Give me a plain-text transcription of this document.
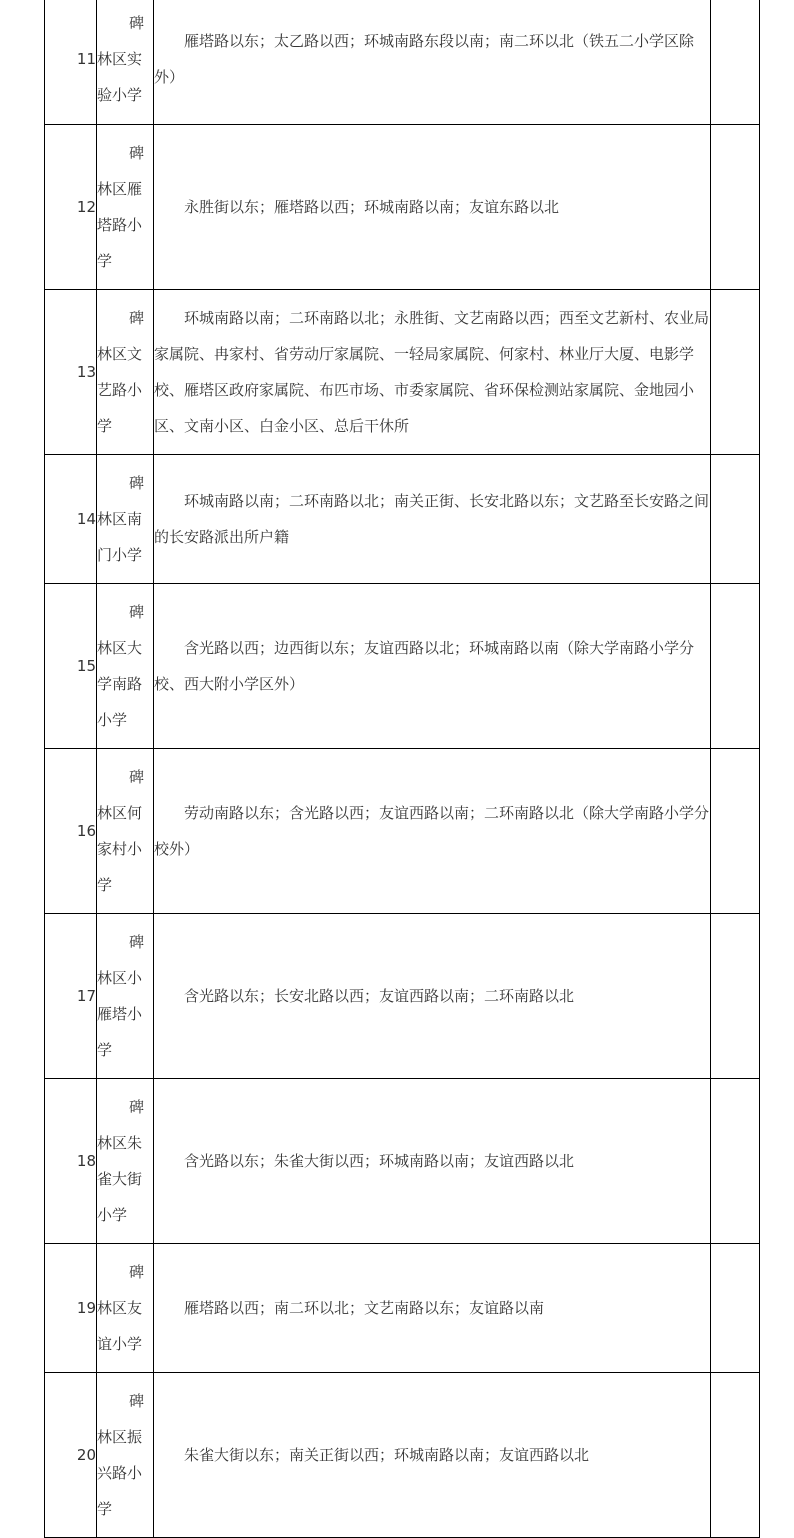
11	碑林区实验小学	雁塔路以东；太乙路以西；环城南路东段以南；南二环以北（铁五二小学区除外）	
12	碑林区雁塔路小学	永胜街以东；雁塔路以西；环城南路以南；友谊东路以北	
13	碑林区文艺路小学	环城南路以南；二环南路以北；永胜街、文艺南路以西；西至文艺新村、农业局家属院、冉家村、省劳动厅家属院、一轻局家属院、何家村、林业厅大厦、电影学校、雁塔区政府家属院、布匹市场、市委家属院、省环保检测站家属院、金地园小区、文南小区、白金小区、总后干休所	
14	碑林区南门小学	环城南路以南；二环南路以北；南关正街、长安北路以东；文艺路至长安路之间的长安路派出所户籍	
15	碑林区大学南路小学	含光路以西；边西街以东；友谊西路以北；环城南路以南（除大学南路小学分校、西大附小学区外）	
16	碑林区何家村小学	劳动南路以东；含光路以西；友谊西路以南；二环南路以北（除大学南路小学分校外）	
17	碑林区小雁塔小学	含光路以东；长安北路以西；友谊西路以南；二环南路以北	
18	碑林区朱雀大街小学	含光路以东；朱雀大街以西；环城南路以南；友谊西路以北	
19	碑林区友谊小学	雁塔路以西；南二环以北；文艺南路以东；友谊路以南	
20	碑林区振兴路小学	朱雀大街以东；南关正街以西；环城南路以南；友谊西路以北	
